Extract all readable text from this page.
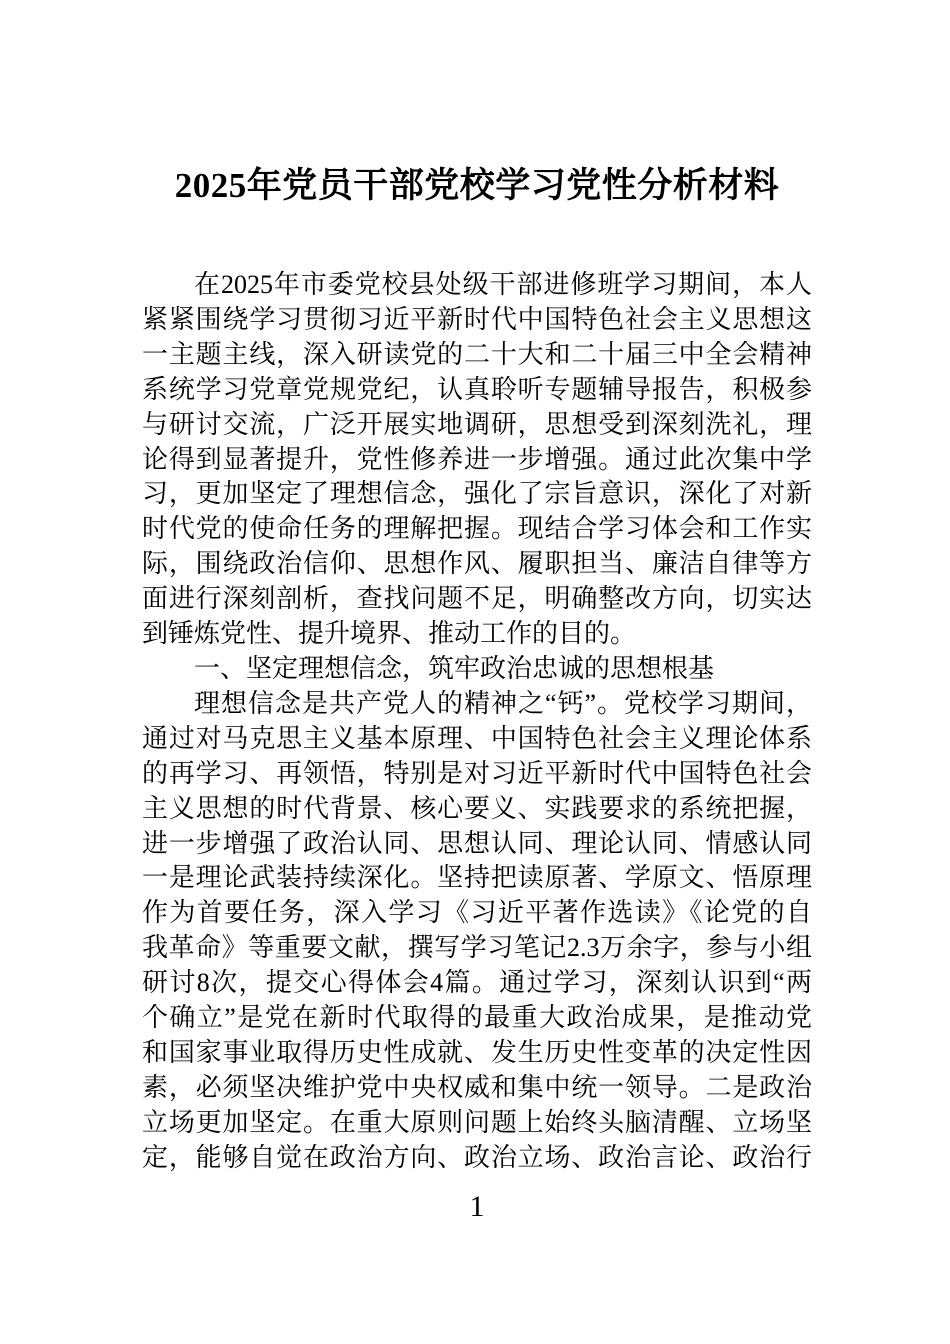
2025年党员干部党校学习党性分析材料
在2025年市委党校县处级干部进修班学习期间，本人
紧紧围绕学习贯彻习近平新时代中国特色社会主义思想这
一主题主线，深入研读党的二十大和二十届三中全会精神
系统学习党章党规党纪，认真聆听专题辅导报告，积极参
与研讨交流，广泛开展实地调研，思想受到深刻洗礼，理
论得到显著提升，党性修养进一步增强。通过此次集中学
习，更加坚定了理想信念，强化了宗旨意识，深化了对新
时代党的使命任务的理解把握。现结合学习体会和工作实
际，围绕政治信仰、思想作风、履职担当、廉洁自律等方
面进行深刻剖析，查找问题不足，明确整改方向，切实达
到锤炼党性、提升境界、推动工作的目的。
一、坚定理想信念，筑牢政治忠诚的思想根基
理想信念是共产党人的精神之“钙”。党校学习期间，
通过对马克思主义基本原理、中国特色社会主义理论体系
的再学习、再领悟，特别是对习近平新时代中国特色社会
主义思想的时代背景、核心要义、实践要求的系统把握，
进一步增强了政治认同、思想认同、理论认同、情感认同
一是理论武装持续深化。坚持把读原著、学原文、悟原理
作为首要任务，深入学习《习近平著作选读》《论党的自
我革命》等重要文献，撰写学习笔记2.3万余字，参与小组
研讨8次，提交心得体会4篇。通过学习，深刻认识到“两
个确立”是党在新时代取得的最重大政治成果，是推动党
和国家事业取得历史性成就、发生历史性变革的决定性因
素，必须坚决维护党中央权威和集中统一领导。二是政治
立场更加坚定。在重大原则问题上始终头脑清醒、立场坚
定，能够自觉在政治方向、政治立场、政治言论、政治行
1
